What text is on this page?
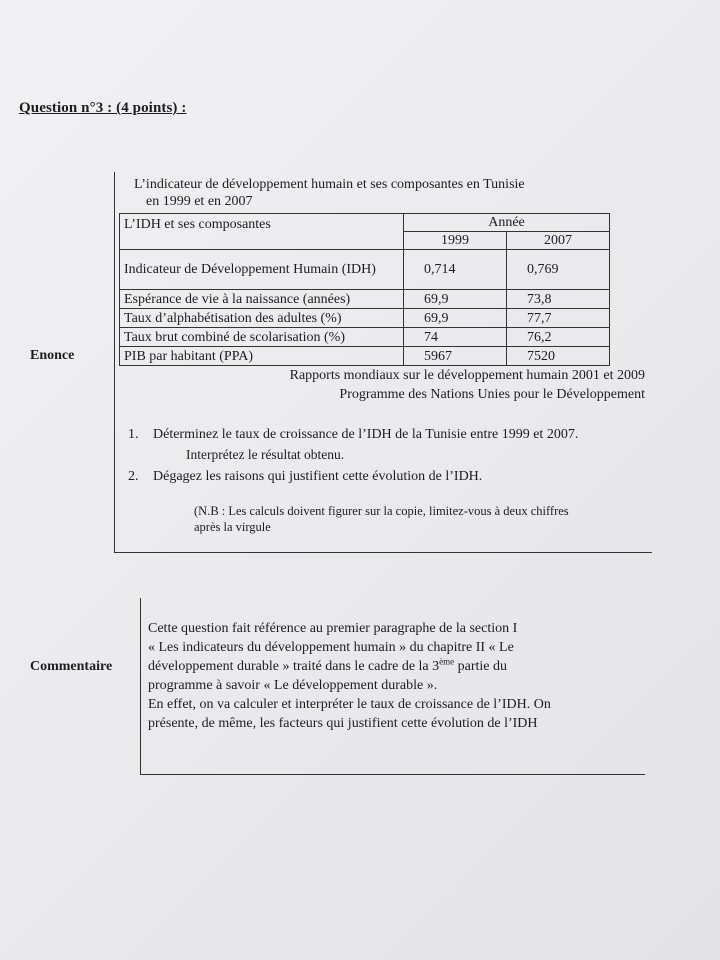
Question n°3 : (4 points) :
Enonce
L’indicateur de développement humain et ses composantes en Tunisie
en 1999 et en 2007
L’IDH et ses composantes	Année	
	1999	2007
Indicateur de Développement Humain (IDH)	0,714	0,769
Espérance de vie à la naissance (années)	69,9	73,8
Taux d’alphabétisation des adultes (%)	69,9	77,7
Taux brut combiné de scolarisation (%)	74	76,2
PIB par habitant (PPA)	5967	7520
Rapports mondiaux sur le développement humain 2001 et 2009
Programme des Nations Unies pour le Développement
1. Déterminez le taux de croissance de l’IDH de la Tunisie entre 1999 et 2007.
Interprétez le résultat obtenu.
2. Dégagez les raisons qui justifient cette évolution de l’IDH.
(N.B : Les calculs doivent figurer sur la copie, limitez-vous à deux chiffres
après la virgule
Commentaire
Cette question fait référence au premier paragraphe de la section I
« Les indicateurs du développement humain » du chapitre II « Le
développement durable » traité dans le cadre de la 3ème partie du
programme à savoir « Le développement durable ».
En effet, on va calculer et interpréter le taux de croissance de l’IDH. On
présente, de même, les facteurs qui justifient cette évolution de l’IDH
